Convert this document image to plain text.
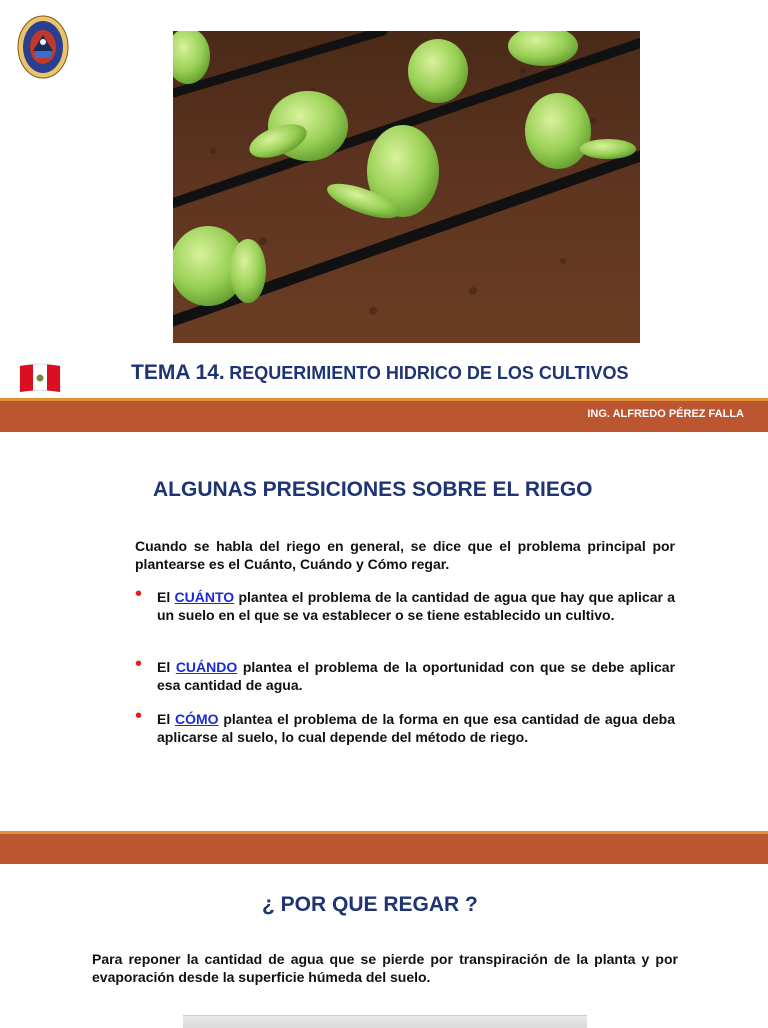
TEMA 14. REQUERIMIENTO HIDRICO DE LOS CULTIVOS
ING. ALFREDO PÉREZ FALLA
ALGUNAS PRESICIONES SOBRE EL RIEGO
Cuando se habla del riego en general, se dice que el problema principal por plantearse es el Cuánto, Cuándo y Cómo regar.
• El CUÁNTO plantea el problema de la cantidad de agua que hay que aplicar a un suelo en el que se va establecer o se tiene establecido un cultivo.
• El CUÁNDO plantea el problema de la oportunidad con que se debe aplicar esa cantidad de agua.
• El CÓMO plantea el problema de la forma en que esa cantidad de agua deba aplicarse al suelo, lo cual depende del método de riego.
¿ POR QUE REGAR ?
Para reponer la cantidad de agua que se pierde por transpiración de la planta y por evaporación desde la superficie húmeda del suelo.
